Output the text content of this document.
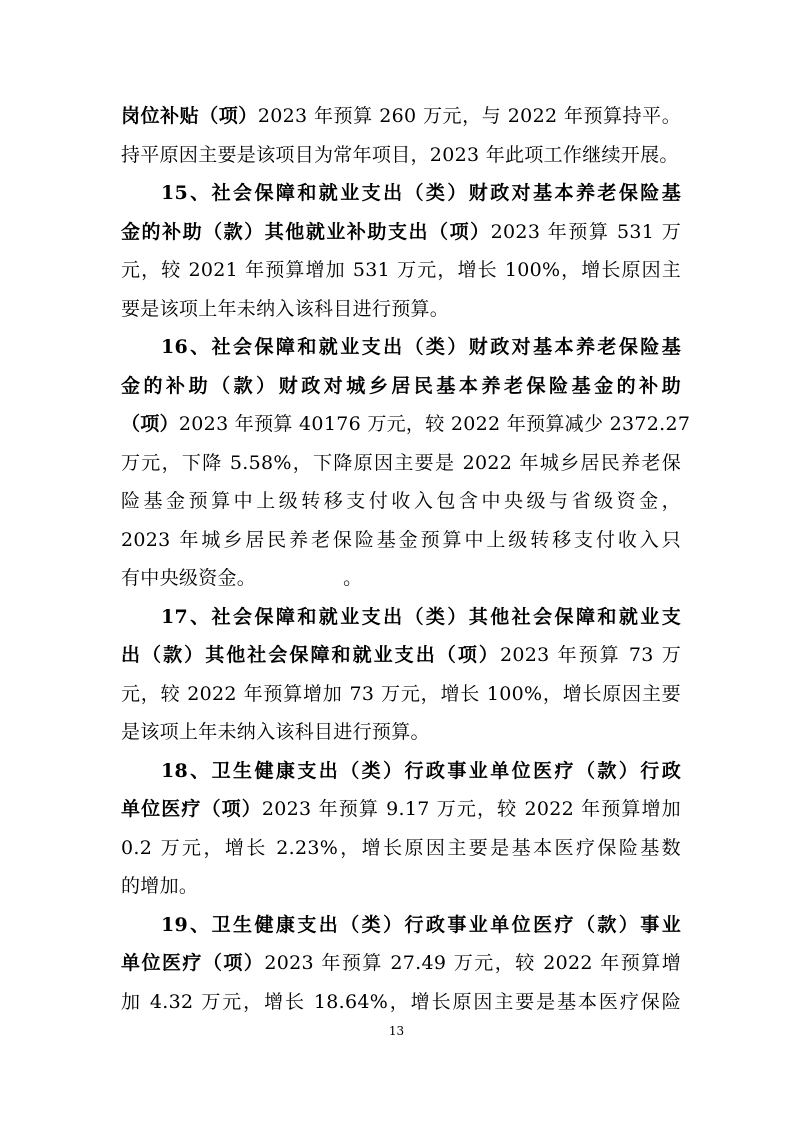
岗位补贴（项）2023 年预算 260 万元，与 2022 年预算持平。
持平原因主要是该项目为常年项目，2023 年此项工作继续开展。
15、社会保障和就业支出（类）财政对基本养老保险基
金的补助（款）其他就业补助支出（项）2023 年预算 531 万
元，较 2021 年预算增加 531 万元，增长 100%，增长原因主
要是该项上年未纳入该科目进行预算。
16、社会保障和就业支出（类）财政对基本养老保险基
金的补助（款）财政对城乡居民基本养老保险基金的补助
（项）2023 年预算 40176 万元，较 2022 年预算减少 2372.27
万元，下降 5.58%，下降原因主要是 2022 年城乡居民养老保
险基金预算中上级转移支付收入包含中央级与省级资金，
2023 年城乡居民养老保险基金预算中上级转移支付收入只
有中央级资金。　　　　　。
17、社会保障和就业支出（类）其他社会保障和就业支
出（款）其他社会保障和就业支出（项）2023 年预算 73 万
元，较 2022 年预算增加 73 万元，增长 100%，增长原因主要
是该项上年未纳入该科目进行预算。
18、卫生健康支出（类）行政事业单位医疗（款）行政
单位医疗（项）2023 年预算 9.17 万元，较 2022 年预算增加
0.2 万元，增长 2.23%，增长原因主要是基本医疗保险基数
的增加。
19、卫生健康支出（类）行政事业单位医疗（款）事业
单位医疗（项）2023 年预算 27.49 万元，较 2022 年预算增
加 4.32 万元，增长 18.64%，增长原因主要是基本医疗保险
13
